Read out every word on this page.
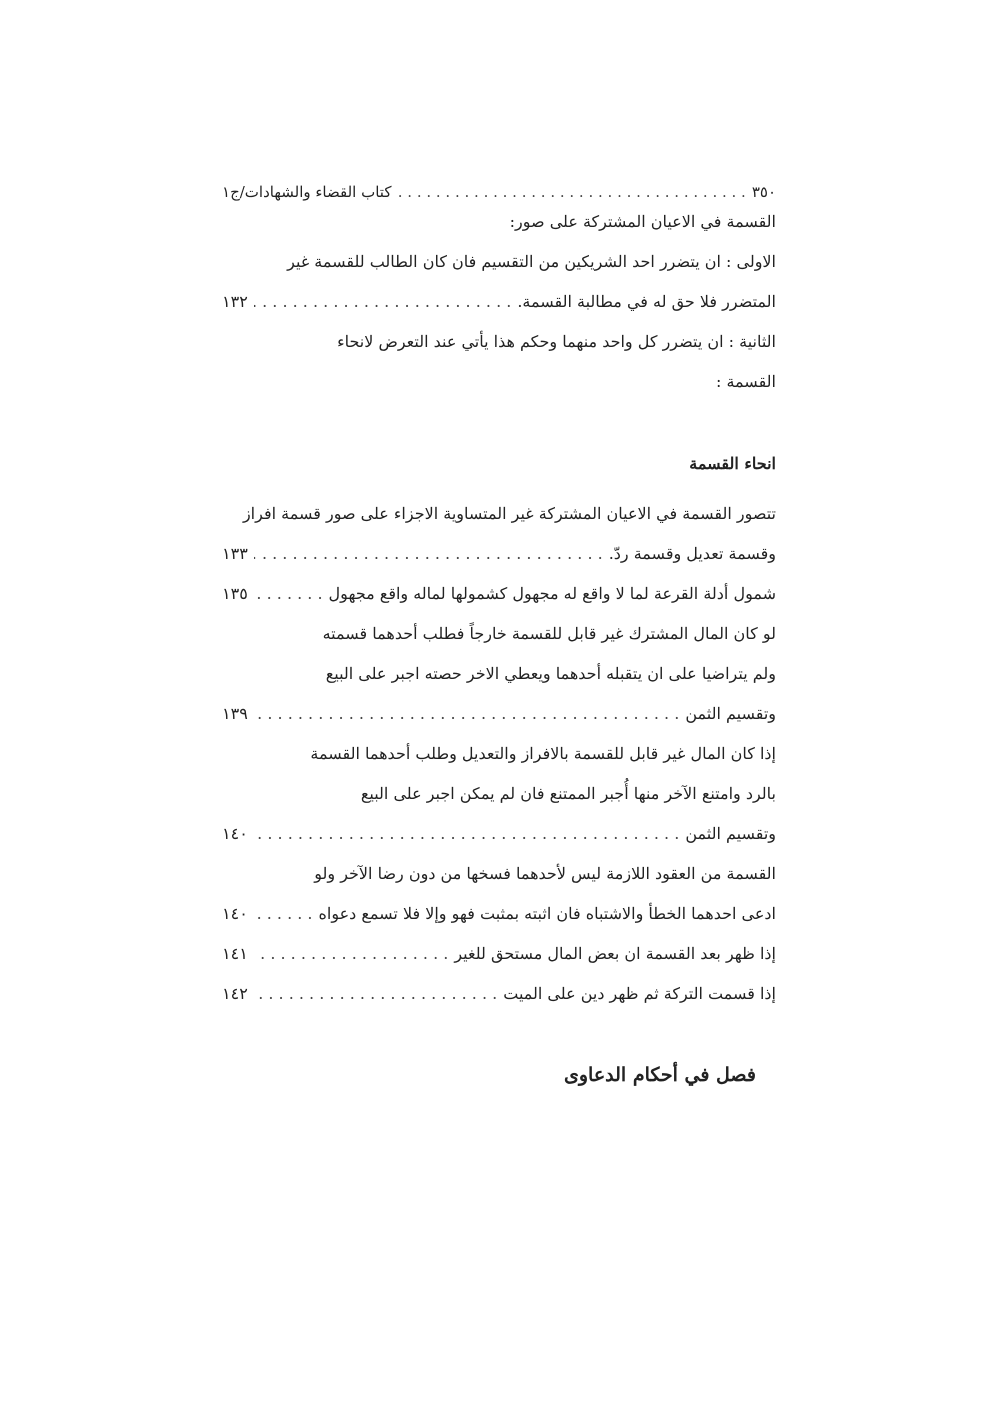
٣٥٠
. . .
كتاب القضاء والشهادات/ج١
القسمة في الاعيان المشتركة على صور:
الاولى : ان يتضرر احد الشريكين من التقسيم فان كان الطالب للقسمة غير
المتضرر فلا حق له في مطالبة القسمة.
. . .
١٣٢
الثانية : ان يتضرر كل واحد منهما وحكم هذا يأتي عند التعرض لانحاء
القسمة :
انحاء القسمة
تتصور القسمة في الاعيان المشتركة غير المتساوية الاجزاء على صور قسمة افراز
وقسمة تعديل وقسمة ردّ.
. . .
١٣٣
شمول أدلة القرعة لما لا واقع له مجهول كشمولها لماله واقع مجهول
. . .
١٣٥
لو كان المال المشترك غير قابل للقسمة خارجاً فطلب أحدهما قسمته
ولم يتراضيا على ان يتقبله أحدهما ويعطي الاخر حصته اجبر على البيع
وتقسيم الثمن
. . .
١٣٩
إذا كان المال غير قابل للقسمة بالافراز والتعديل وطلب أحدهما القسمة
بالرد وامتنع الآخر منها أُجبر الممتنع فان لم يمكن اجبر على البيع
وتقسيم الثمن
. . .
١٤٠
القسمة من العقود اللازمة ليس لأحدهما فسخها من دون رضا الآخر ولو
ادعى احدهما الخطأ والاشتباه فان اثبته بمثبت فهو وإلا فلا تسمع دعواه
. . .
١٤٠
إذا ظهر بعد القسمة ان بعض المال مستحق للغير
. . .
١٤١
إذا قسمت التركة ثم ظهر دين على الميت
. . .
١٤٢
فصل في أحكام الدعاوى
